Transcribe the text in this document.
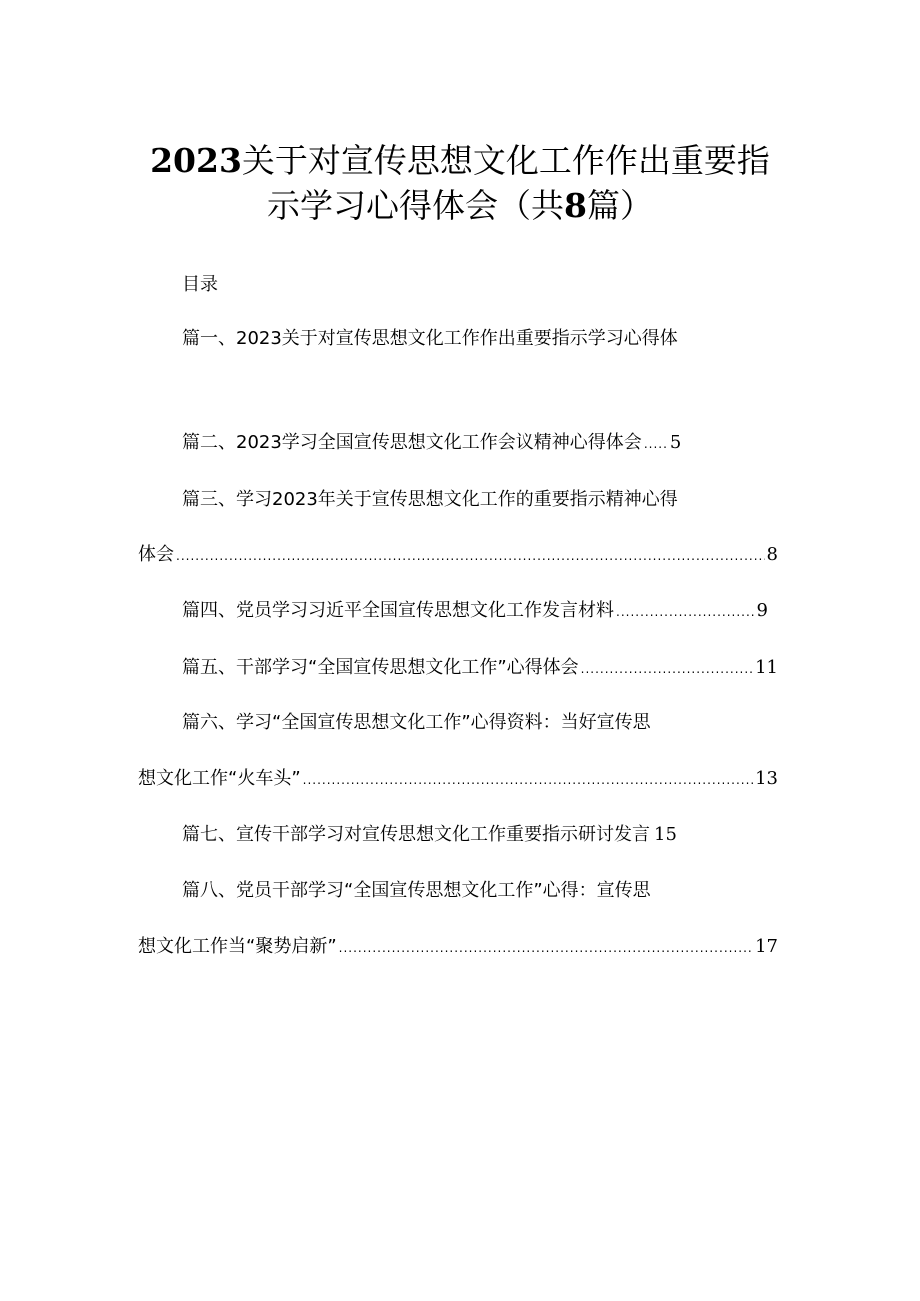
2023关于对宣传思想文化工作作出重要指
示学习心得体会（共8篇）
目录
篇一、2023关于对宣传思想文化工作作出重要指示学习心得体
篇二、2023学习全国宣传思想文化工作会议精神心得体会 ..... 5
篇三、学习2023年关于宣传思想文化工作的重要指示精神心得
体会 .....	8
篇四、党员学习习近平全国宣传思想文化工作发言材料 .....	9
篇五、干部学习“全国宣传思想文化工作”心得体会 .....	11
篇六、学习“全国宣传思想文化工作”心得资料：当好宣传思
想文化工作“火车头” .....	13
篇七、宣传干部学习对宣传思想文化工作重要指示研讨发言 15
篇八、党员干部学习“全国宣传思想文化工作”心得：宣传思
想文化工作当“聚势启新” .....	17
